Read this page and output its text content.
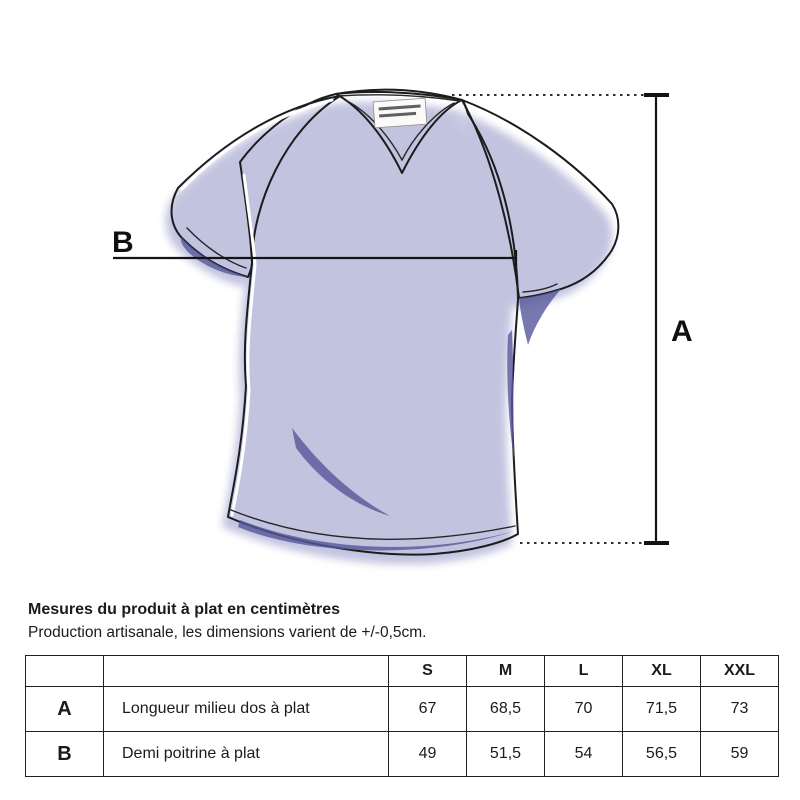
A
B
Mesures du produit à plat en centimètres
Production artisanale, les dimensions varient de +/-0,5cm.
		S	M	L	XL	XXL
A	Longueur milieu dos à plat	67	68,5	70	71,5	73
B	Demi poitrine à plat	49	51,5	54	56,5	59
